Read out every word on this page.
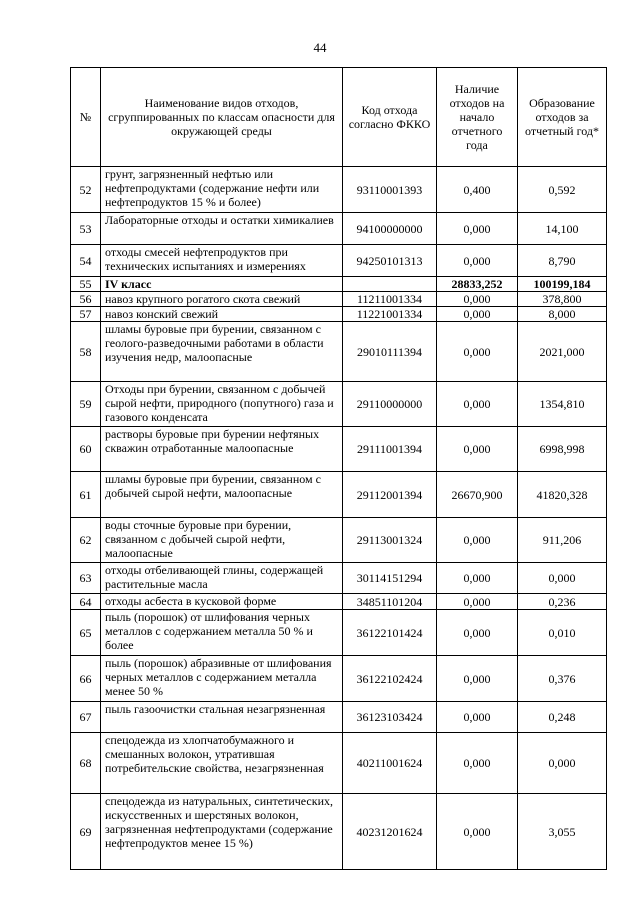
44
№	Наименование видов отходов, сгруппированных по классам опасности для окружающей среды	Код отхода согласно ФККО	Наличие отходов на начало отчетного года	Образование отходов за отчетный год*
52	грунт, загрязненный нефтью или нефтепродуктами (содержание нефти или нефтепродуктов 15 % и более)	93110001393	0,400	0,592
53	Лабораторные отходы и остатки химикалиев	94100000000	0,000	14,100
54	отходы смесей нефтепродуктов при технических испытаниях и измерениях	94250101313	0,000	8,790
55	IV класс		28833,252	100199,184
56	навоз крупного рогатого скота свежий	11211001334	0,000	378,800
57	навоз конский свежий	11221001334	0,000	8,000
58	шламы буровые при бурении, связанном с геолого-разведочными работами в области изучения недр, малоопасные	29010111394	0,000	2021,000
59	Отходы при бурении, связанном с добычей сырой нефти, природного (попутного) газа и газового конденсата	29110000000	0,000	1354,810
60	растворы буровые при бурении нефтяных скважин отработанные малоопасные	29111001394	0,000	6998,998
61	шламы буровые при бурении, связанном с добычей сырой нефти, малоопасные	29112001394	26670,900	41820,328
62	воды сточные буровые при бурении, связанном с добычей сырой нефти, малоопасные	29113001324	0,000	911,206
63	отходы отбеливающей глины, содержащей растительные масла	30114151294	0,000	0,000
64	отходы асбеста в кусковой форме	34851101204	0,000	0,236
65	пыль (порошок) от шлифования черных металлов с содержанием металла 50 % и более	36122101424	0,000	0,010
66	пыль (порошок) абразивные от шлифования черных металлов с содержанием металла менее 50 %	36122102424	0,000	0,376
67	пыль газоочистки стальная незагрязненная	36123103424	0,000	0,248
68	спецодежда из хлопчатобумажного и смешанных волокон, утратившая потребительские свойства, незагрязненная	40211001624	0,000	0,000
69	спецодежда из натуральных, синтетических, искусственных и шерстяных волокон, загрязненная нефтепродуктами (содержание нефтепродуктов менее 15 %)	40231201624	0,000	3,055
